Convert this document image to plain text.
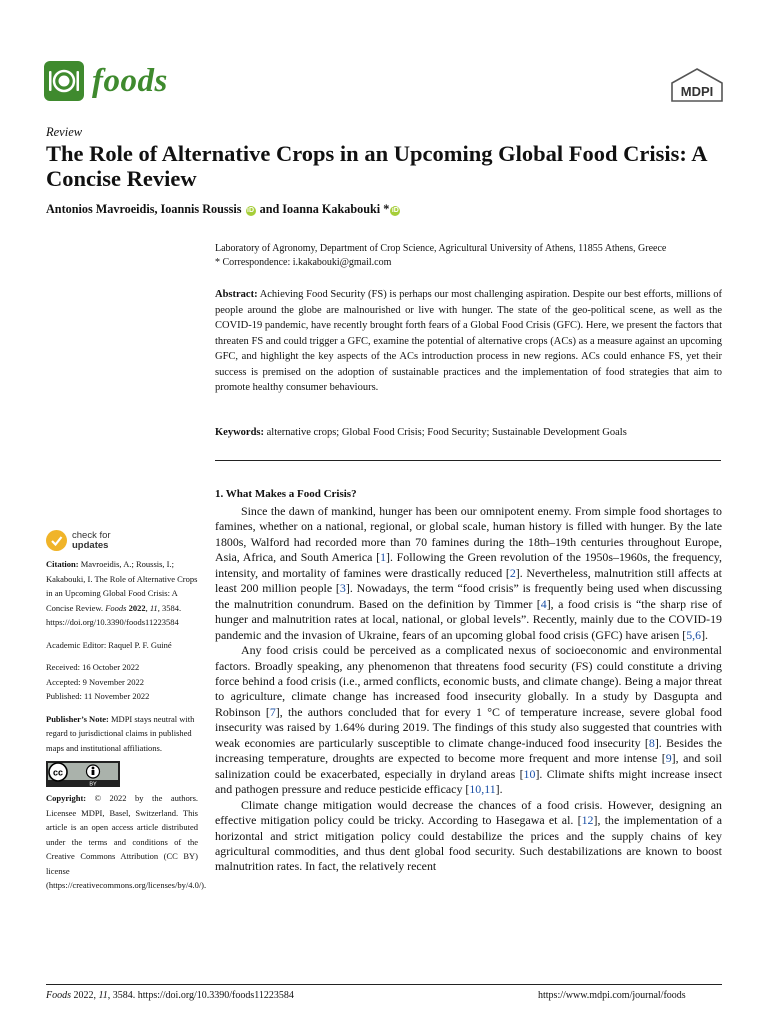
foods	MDPI
Review
The Role of Alternative Crops in an Upcoming Global Food Crisis: A Concise Review
Antonios Mavroeidis, Ioannis Roussis iD and Ioanna Kakabouki * iD
Laboratory of Agronomy, Department of Crop Science, Agricultural University of Athens, 11855 Athens, Greece
* Correspondence: i.kakabouki@gmail.com
Abstract: Achieving Food Security (FS) is perhaps our most challenging aspiration. Despite our best efforts, millions of people around the globe are malnourished or live with hunger. The state of the geo-political scene, as well as the COVID-19 pandemic, have recently brought forth fears of a Global Food Crisis (GFC). Here, we present the factors that threaten FS and could trigger a GFC, examine the potential of alternative crops (ACs) as a measure against an upcoming GFC, and highlight the key aspects of the ACs introduction process in new regions. ACs could enhance FS, yet their success is premised on the adoption of sustainable practices and the implementation of food strategies that aim to promote healthy consumer behaviours.
Keywords: alternative crops; Global Food Crisis; Food Security; Sustainable Development Goals
1. What Makes a Food Crisis?

Since the dawn of mankind, hunger has been our omnipotent enemy. From simple food shortages to famines, whether on a national, regional, or global scale, human history is filled with hunger. By the late 1800s, Walford had recorded more than 70 famines during the 18th–19th centuries throughout Europe, Asia, Africa, and South America [1]. Following the Green revolution of the 1950s–1960s, the frequency, intensity, and mortality of famines were drastically reduced [2]. Nevertheless, malnutrition still affects at least 200 million people [3]. Nowadays, the term “food crisis” is frequently being used when discussing the malnutrition conundrum. Based on the definition by Timmer [4], a food crisis is “the sharp rise of hunger and malnutrition rates at local, national, or global levels”. Recently, mainly due to the COVID-19 pandemic and the invasion of Ukraine, fears of an upcoming global food crisis (GFC) have arisen [5,6].

Any food crisis could be perceived as a complicated nexus of socioeconomic and environmental factors. Broadly speaking, any phenomenon that threatens food security (FS) could constitute a driving force behind a food crisis (i.e., armed conflicts, economic busts, and climate change). Being a major threat to agriculture, climate change has increased food insecurity globally. In a study by Dasgupta and Robinson [7], the authors concluded that for every 1 °C of temperature increase, severe global food insecurity was raised by 1.64% during 2019. The findings of this study also suggested that countries with weak economies are particularly susceptible to climate change-induced food insecurity [8]. Besides the increasing temperature, droughts are expected to become more frequent and more intense [9], and soil salinization could be exacerbated, especially in dryland areas [10]. Climate shifts might increase insect and pathogen pressure and reduce pesticide efficacy [10,11].

Climate change mitigation would decrease the chances of a food crisis. However, designing an effective mitigation policy could be tricky. According to Hasegawa et al. [12], the implementation of a horizontal and strict mitigation policy could destabilize the prices and the supply chains of key agricultural commodities, and thus dent global food security. Such destabilizations are known to boost malnutrition rates. In fact, the relatively recent

check for
updates

Citation: Mavroeidis, A.; Roussis, I.; Kakabouki, I. The Role of Alternative Crops in an Upcoming Global Food Crisis: A Concise Review. Foods 2022, 11, 3584. https://doi.org/10.3390/foods11223584

Academic Editor: Raquel P. F. Guiné

Received: 16 October 2022

Accepted: 9 November 2022

Published: 11 November 2022

Publisher’s Note: MDPI stays neutral with regard to jurisdictional claims in published maps and institutional affiliations.

cc
BY

Copyright: © 2022 by the authors. Licensee MDPI, Basel, Switzerland. This article is an open access article distributed under the terms and conditions of the Creative Commons Attribution (CC BY) license (https://creativecommons.org/licenses/by/4.0/).

Foods 2022, 11, 3584. https://doi.org/10.3390/foods11223584	https://www.mdpi.com/journal/foods
